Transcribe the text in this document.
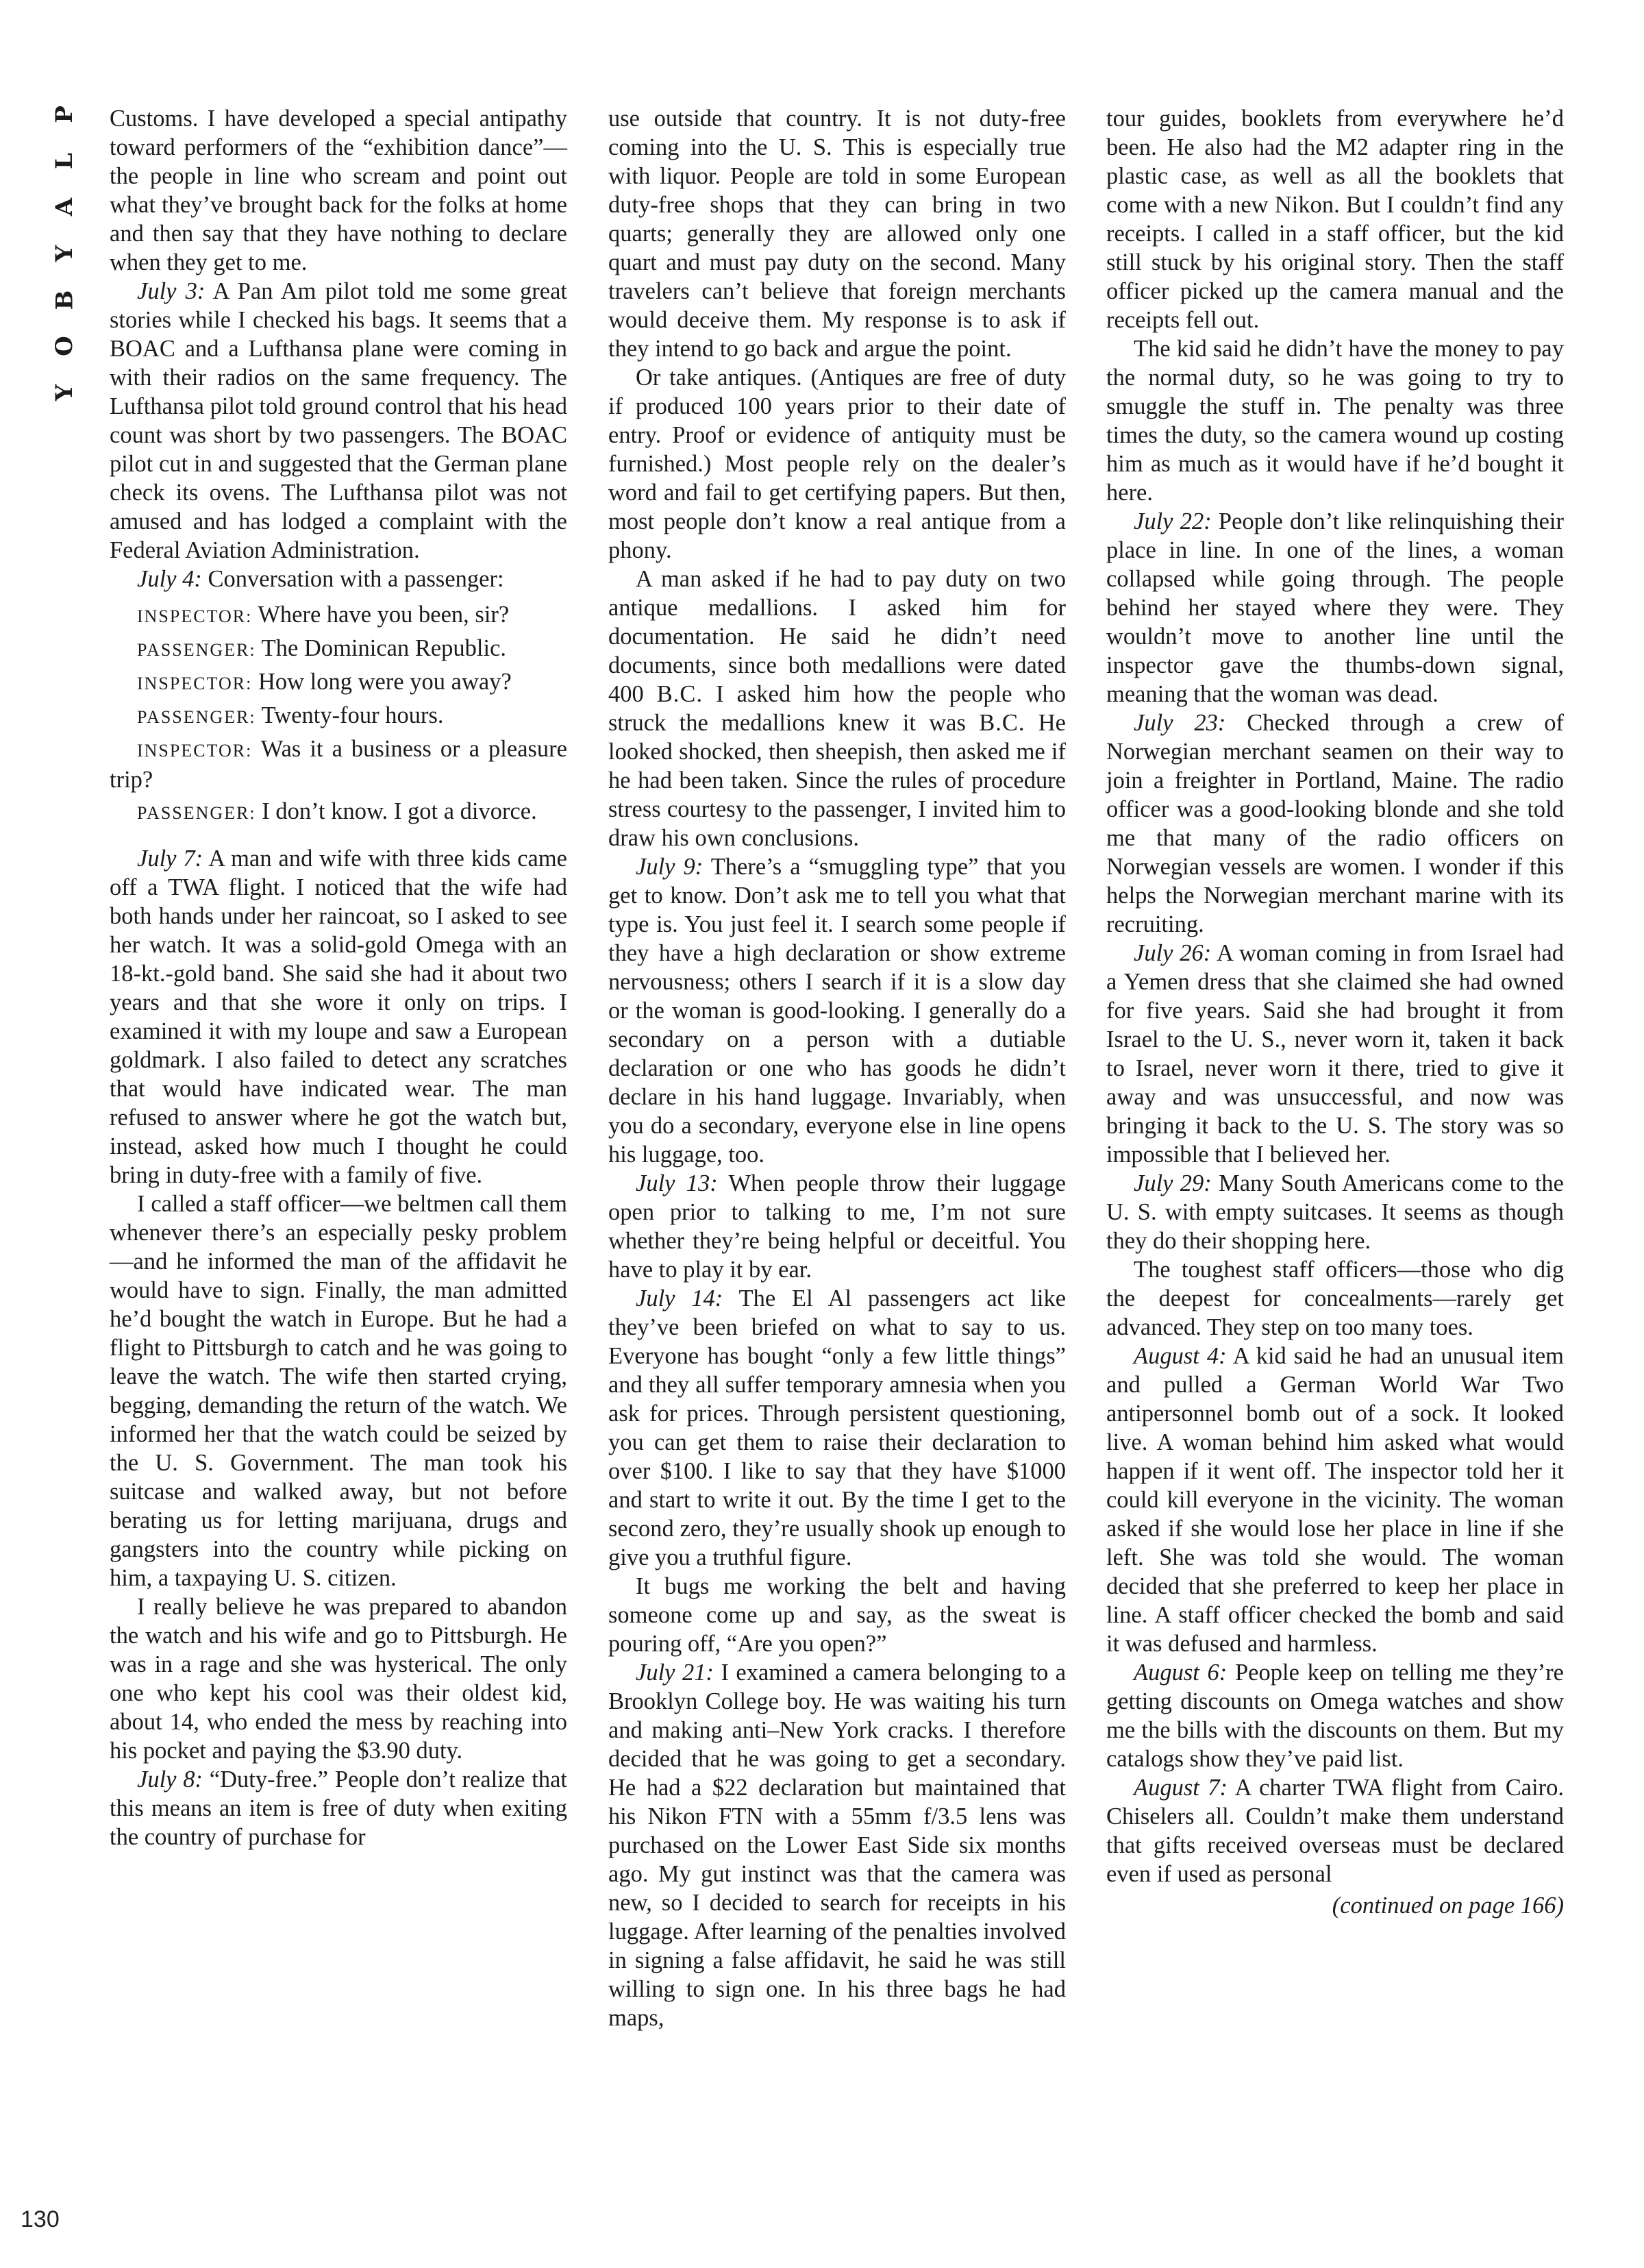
P
L
A
Y
B
O
Y

Customs. I have developed a special antipathy toward performers of the “exhibition dance”—the people in line who scream and point out what they’ve brought back for the folks at home and then say that they have nothing to declare when they get to me.

July 3: A Pan Am pilot told me some great stories while I checked his bags. It seems that a BOAC and a Lufthansa plane were coming in with their radios on the same frequency. The Lufthansa pilot told ground control that his head count was short by two passengers. The BOAC pilot cut in and suggested that the German plane check its ovens. The Lufthansa pilot was not amused and has lodged a complaint with the Federal Aviation Administration.

July 4: Conversation with a passenger:

INSPECTOR: Where have you been, sir?

PASSENGER: The Dominican Republic.

INSPECTOR: How long were you away?

PASSENGER: Twenty-four hours.

INSPECTOR: Was it a business or a pleasure trip?

PASSENGER: I don’t know. I got a divorce.

July 7: A man and wife with three kids came off a TWA flight. I noticed that the wife had both hands under her raincoat, so I asked to see her watch. It was a solid-gold Omega with an 18-kt.-gold band. She said she had it about two years and that she wore it only on trips. I examined it with my loupe and saw a European goldmark. I also failed to detect any scratches that would have indicated wear. The man refused to answer where he got the watch but, instead, asked how much I thought he could bring in duty-free with a family of five.

I called a staff officer—we beltmen call them whenever there’s an especially pesky problem—and he informed the man of the affidavit he would have to sign. Finally, the man admitted he’d bought the watch in Europe. But he had a flight to Pittsburgh to catch and he was going to leave the watch. The wife then started crying, begging, demanding the return of the watch. We informed her that the watch could be seized by the U. S. Government. The man took his suitcase and walked away, but not before berating us for letting marijuana, drugs and gangsters into the country while picking on him, a taxpaying U. S. citizen.

I really believe he was prepared to abandon the watch and his wife and go to Pittsburgh. He was in a rage and she was hysterical. The only one who kept his cool was their oldest kid, about 14, who ended the mess by reaching into his pocket and paying the $3.90 duty.

July 8: “Duty-free.” People don’t realize that this means an item is free of duty when exiting the country of purchase for

use outside that country. It is not duty-free coming into the U. S. This is especially true with liquor. People are told in some European duty-free shops that they can bring in two quarts; generally they are allowed only one quart and must pay duty on the second. Many travelers can’t believe that foreign merchants would deceive them. My response is to ask if they intend to go back and argue the point.

Or take antiques. (Antiques are free of duty if produced 100 years prior to their date of entry. Proof or evidence of antiquity must be furnished.) Most people rely on the dealer’s word and fail to get certifying papers. But then, most people don’t know a real antique from a phony.

A man asked if he had to pay duty on two antique medallions. I asked him for documentation. He said he didn’t need documents, since both medallions were dated 400 B.C. I asked him how the people who struck the medallions knew it was B.C. He looked shocked, then sheepish, then asked me if he had been taken. Since the rules of procedure stress courtesy to the passenger, I invited him to draw his own conclusions.

July 9: There’s a “smuggling type” that you get to know. Don’t ask me to tell you what that type is. You just feel it. I search some people if they have a high declaration or show extreme nervousness; others I search if it is a slow day or the woman is good-looking. I generally do a secondary on a person with a dutiable declaration or one who has goods he didn’t declare in his hand luggage. Invariably, when you do a secondary, everyone else in line opens his luggage, too.

July 13: When people throw their luggage open prior to talking to me, I’m not sure whether they’re being helpful or deceitful. You have to play it by ear.

July 14: The El Al passengers act like they’ve been briefed on what to say to us. Everyone has bought “only a few little things” and they all suffer temporary amnesia when you ask for prices. Through persistent questioning, you can get them to raise their declaration to over $100. I like to say that they have $1000 and start to write it out. By the time I get to the second zero, they’re usually shook up enough to give you a truthful figure.

It bugs me working the belt and having someone come up and say, as the sweat is pouring off, “Are you open?”

July 21: I examined a camera belonging to a Brooklyn College boy. He was waiting his turn and making anti–New York cracks. I therefore decided that he was going to get a secondary. He had a $22 declaration but maintained that his Nikon FTN with a 55mm f/3.5 lens was purchased on the Lower East Side six months ago. My gut instinct was that the camera was new, so I decided to search for receipts in his luggage. After learning of the penalties involved in signing a false affidavit, he said he was still willing to sign one. In his three bags he had maps,

tour guides, booklets from everywhere he’d been. He also had the M2 adapter ring in the plastic case, as well as all the booklets that come with a new Nikon. But I couldn’t find any receipts. I called in a staff officer, but the kid still stuck by his original story. Then the staff officer picked up the camera manual and the receipts fell out.

The kid said he didn’t have the money to pay the normal duty, so he was going to try to smuggle the stuff in. The penalty was three times the duty, so the camera wound up costing him as much as it would have if he’d bought it here.

July 22: People don’t like relinquishing their place in line. In one of the lines, a woman collapsed while going through. The people behind her stayed where they were. They wouldn’t move to another line until the inspector gave the thumbs-down signal, meaning that the woman was dead.

July 23: Checked through a crew of Norwegian merchant seamen on their way to join a freighter in Portland, Maine. The radio officer was a good-looking blonde and she told me that many of the radio officers on Norwegian vessels are women. I wonder if this helps the Norwegian merchant marine with its recruiting.

July 26: A woman coming in from Israel had a Yemen dress that she claimed she had owned for five years. Said she had brought it from Israel to the U. S., never worn it, taken it back to Israel, never worn it there, tried to give it away and was unsuccessful, and now was bringing it back to the U. S. The story was so impossible that I believed her.

July 29: Many South Americans come to the U. S. with empty suitcases. It seems as though they do their shopping here.

The toughest staff officers—those who dig the deepest for concealments—rarely get advanced. They step on too many toes.

August 4: A kid said he had an unusual item and pulled a German World War Two antipersonnel bomb out of a sock. It looked live. A woman behind him asked what would happen if it went off. The inspector told her it could kill everyone in the vicinity. The woman asked if she would lose her place in line if she left. She was told she would. The woman decided that she preferred to keep her place in line. A staff officer checked the bomb and said it was defused and harmless.

August 6: People keep on telling me they’re getting discounts on Omega watches and show me the bills with the discounts on them. But my catalogs show they’ve paid list.

August 7: A charter TWA flight from Cairo. Chiselers all. Couldn’t make them understand that gifts received overseas must be declared even if used as personal

(continued on page 166)

130
